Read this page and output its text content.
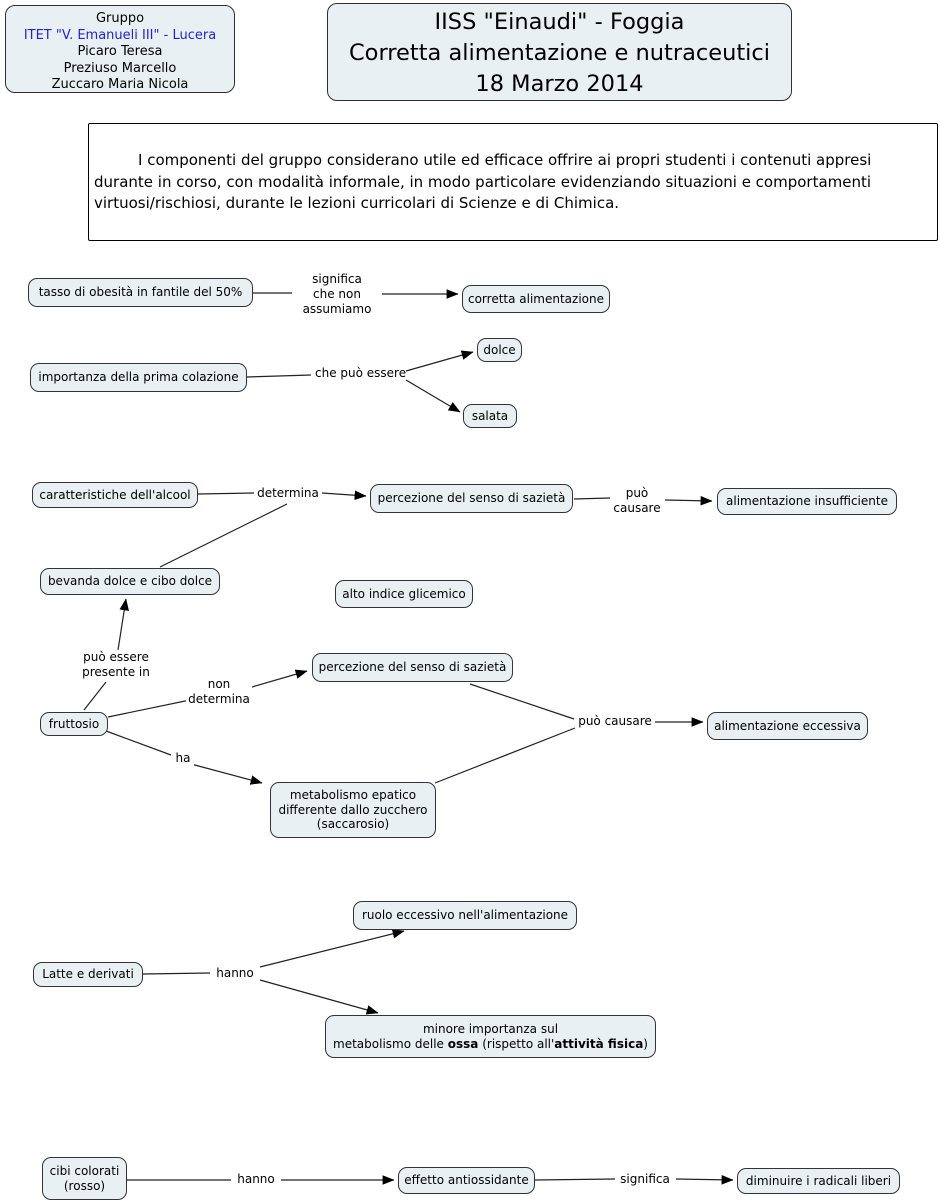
Gruppo
ITET "V. Emanueli III" - Lucera
Picaro Teresa
Preziuso Marcello
Zuccaro Maria Nicola
IISS "Einaudi" - Foggia
Corretta alimentazione e nutraceutici
18 Marzo 2014

I componenti del gruppo considerano utile ed efficace offrire ai propri studenti i contenuti appresi durante in corso, con modalità informale, in modo particolare evidenziando situazioni e comportamenti virtuosi/rischiosi, durante le lezioni curricolari di Scienze e di Chimica.

tasso di obesità in fantile del 50%	corretta alimentazione
importanza della prima colazione
dolce
salata
caratteristiche dell'alcool	percezione del senso di sazietà	alimentazione insufficiente
bevanda dolce e cibo dolce
alto indice glicemico
percezione del senso di sazietà
fruttosio	alimentazione eccessiva
metabolismo epatico
differente dallo zucchero
(saccarosio)
ruolo eccessivo nell'alimentazione
Latte e derivati
minore importanza sul
metabolismo delle ossa (rispetto all'attività fisica)
cibi colorati
(rosso)	effetto antiossidante	diminuire i radicali liberi
significa
che non
assumiamo
che può essere
determina	può
causare
può essere
presente in
non
determina
può causare
ha
hanno
hanno	significa
